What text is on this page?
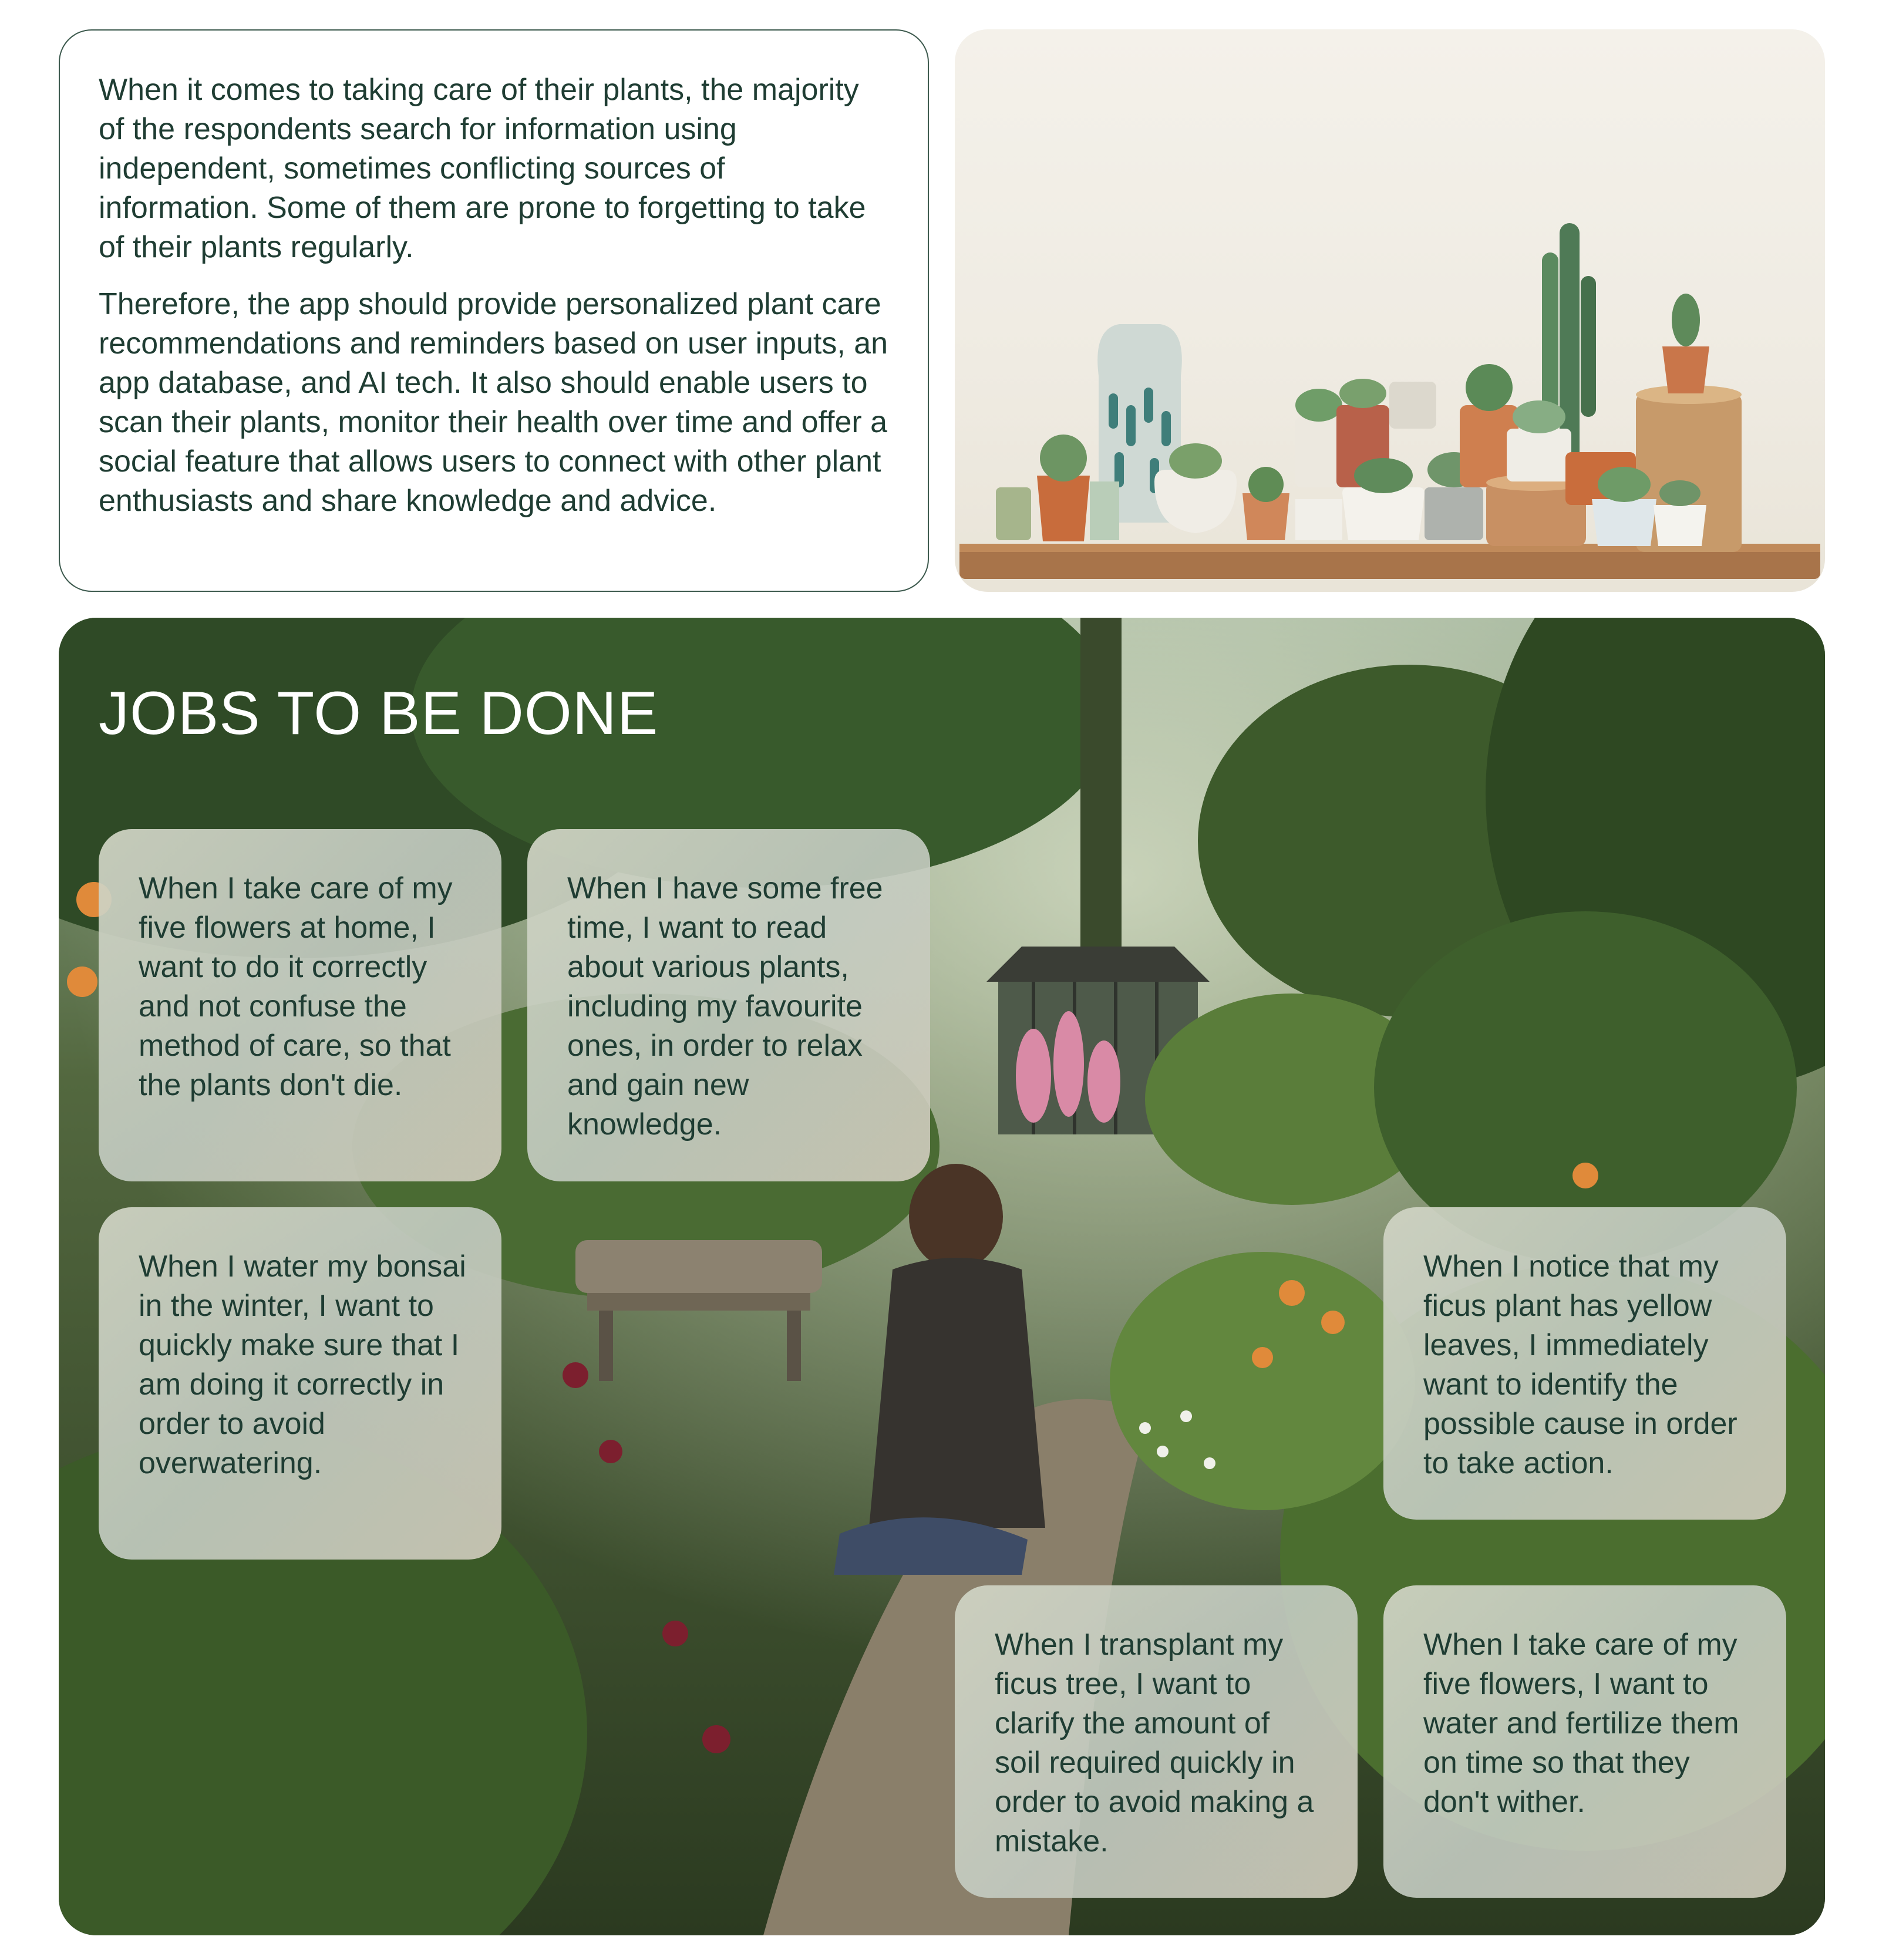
When it comes to taking care of their plants, the majority of the respondents search for information using independent, sometimes conflicting sources of information. Some of them are prone to forgetting to take of their plants regularly.

Therefore, the app should provide personalized plant care recommendations and reminders based on user inputs, an app database, and AI tech. It also should enable users to scan their plants, monitor their health over time and offer a social feature that allows users to connect with other plant enthusiasts and share knowledge and advice.

JOBS TO BE DONE

When I take care of my five flowers at home, I want to do it correctly and not confuse the method of care, so that the plants don't die.

When I have some free time, I want to read about various plants, including my favourite ones, in order to relax and gain new knowledge.

When I water my bonsai in the winter, I want to quickly make sure that I am doing it correctly in order to avoid overwatering.

When I notice that my ficus plant has yellow leaves, I immediately want to identify the possible cause in order to take action.

When I transplant my ficus tree, I want to clarify the amount of soil required quickly in order to avoid making a mistake.

When I take care of my five flowers, I want to water and fertilize them on time so that they don't wither.
